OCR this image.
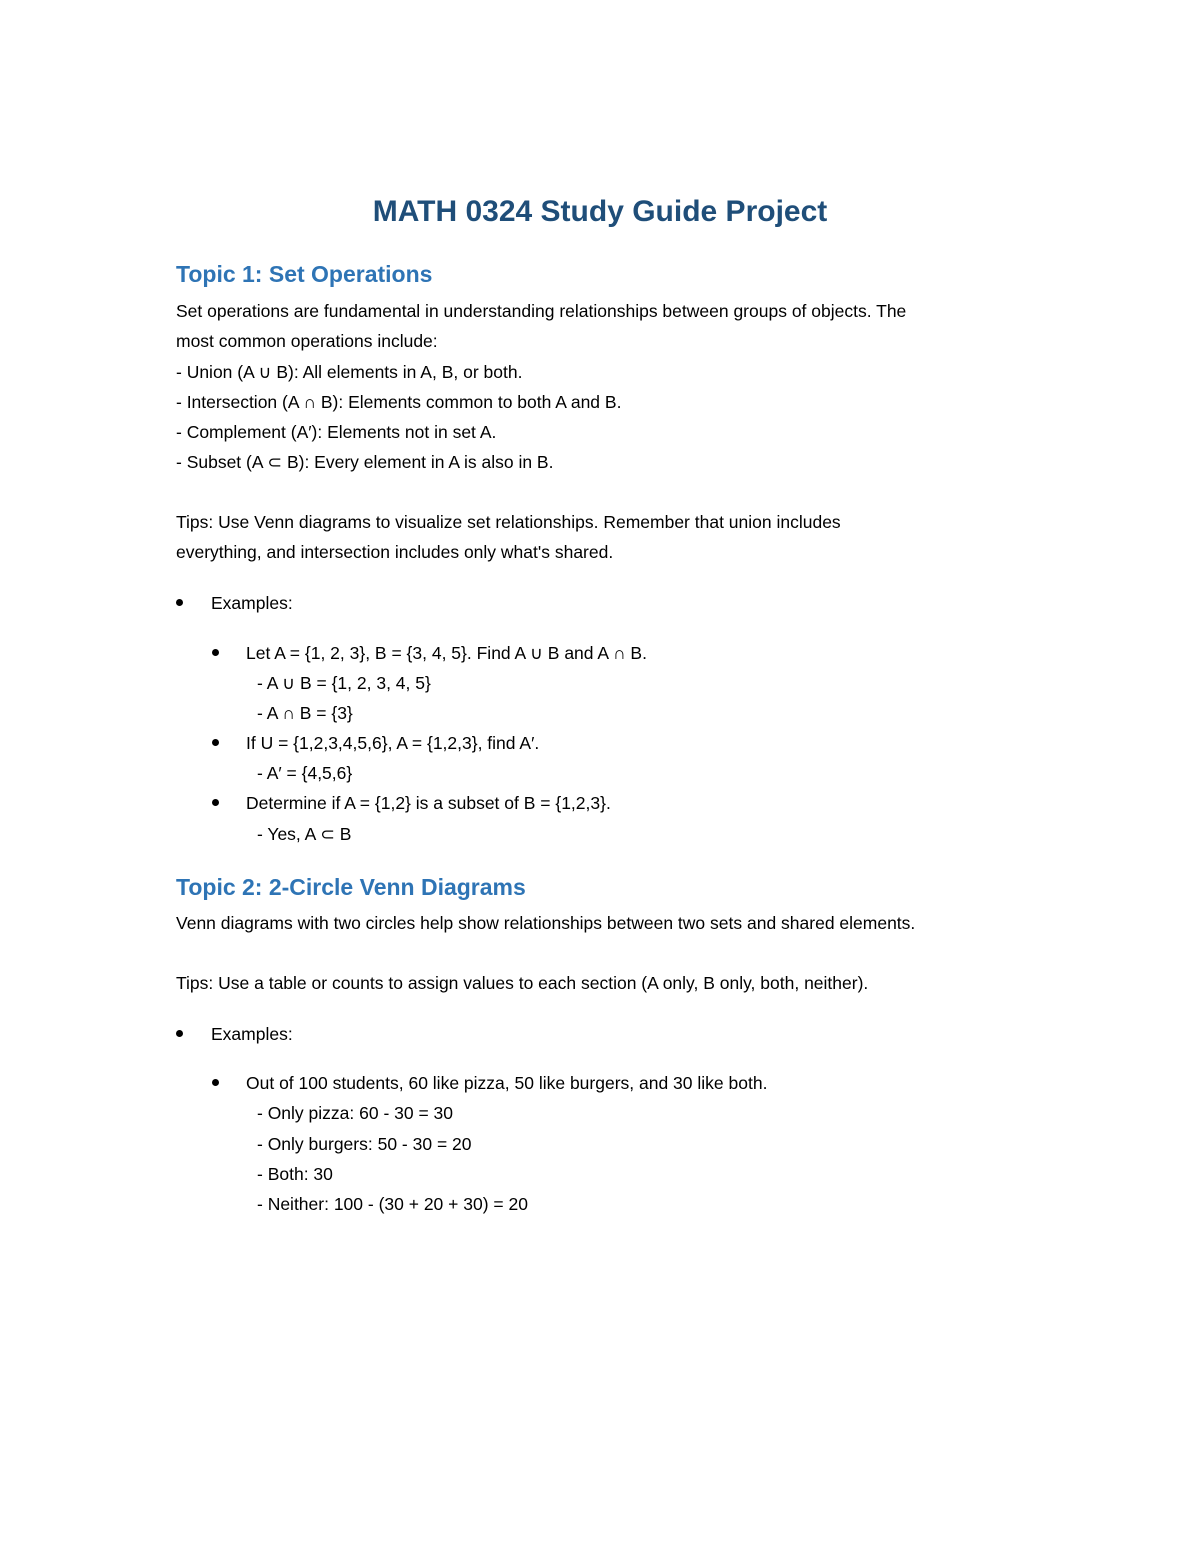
MATH 0324 Study Guide Project
Topic 1: Set Operations
Set operations are fundamental in understanding relationships between groups of objects. The
most common operations include:
- Union (A ∪ B): All elements in A, B, or both.
- Intersection (A ∩ B): Elements common to both A and B.
- Complement (A′): Elements not in set A.
- Subset (A ⊂ B): Every element in A is also in B.
Tips: Use Venn diagrams to visualize set relationships. Remember that union includes
everything, and intersection includes only what's shared.
Examples:
Let A = {1, 2, 3}, B = {3, 4, 5}. Find A ∪ B and A ∩ B.
- A ∪ B = {1, 2, 3, 4, 5}
- A ∩ B = {3}
If U = {1,2,3,4,5,6}, A = {1,2,3}, find A′.
- A′ = {4,5,6}
Determine if A = {1,2} is a subset of B = {1,2,3}.
- Yes, A ⊂ B
Topic 2: 2-Circle Venn Diagrams
Venn diagrams with two circles help show relationships between two sets and shared elements.
Tips: Use a table or counts to assign values to each section (A only, B only, both, neither).
Examples:
Out of 100 students, 60 like pizza, 50 like burgers, and 30 like both.
- Only pizza: 60 - 30 = 30
- Only burgers: 50 - 30 = 20
- Both: 30
- Neither: 100 - (30 + 20 + 30) = 20
